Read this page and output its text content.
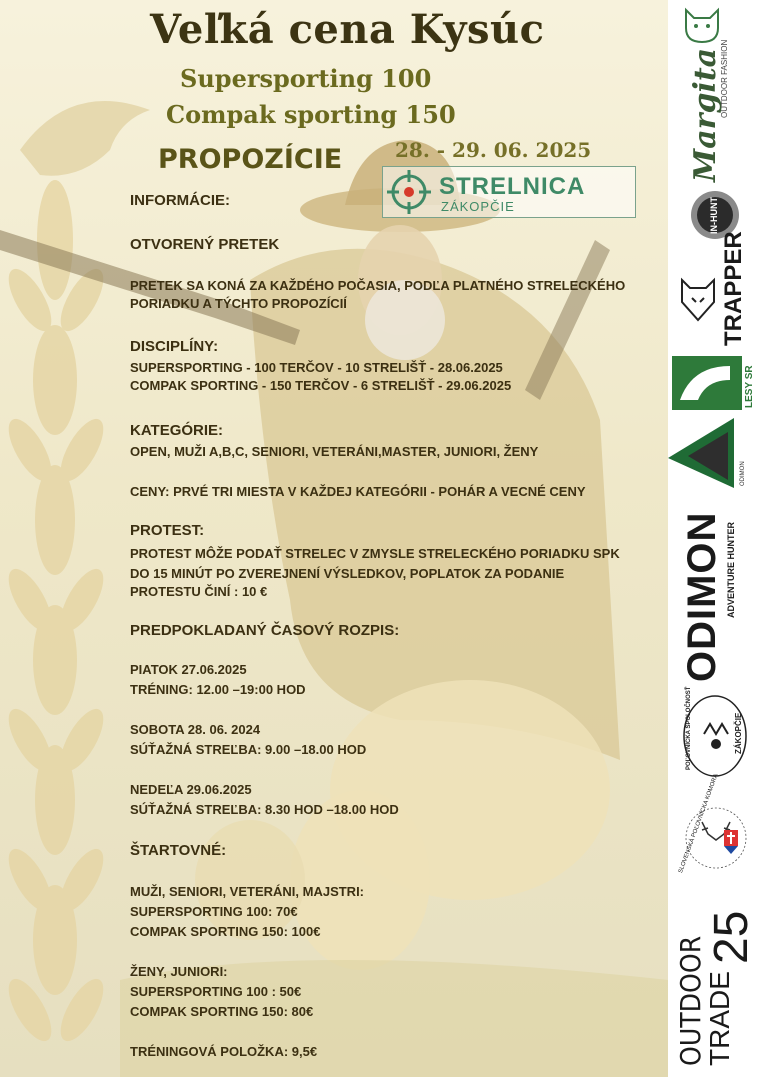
Veľká cena Kysúc
Supersporting 100
Compak sporting 150
PROPOZÍCIE	28. - 29. 06. 2025
STRELNICA
ZÁKOPČIE
INFORMÁCIE:
OTVORENÝ PRETEK
PRETEK SA KONÁ ZA KAŽDÉHO POČASIA, PODĽA PLATNÉHO STRELECKÉHO
PORIADKU A TÝCHTO PROPOZÍCIÍ
DISCIPLÍNY:
SUPERSPORTING - 100 TERČOV - 10 STRELIŠŤ - 28.06.2025
COMPAK SPORTING - 150 TERČOV - 6 STRELIŠŤ - 29.06.2025
KATEGÓRIE:
OPEN, MUŽI A,B,C, SENIORI, VETERÁNI,MASTER, JUNIORI, ŽENY
CENY: PRVÉ TRI MIESTA V KAŽDEJ KATEGÓRII - POHÁR A VECNÉ CENY
PROTEST:
PROTEST MÔŽE PODAŤ STRELEC V ZMYSLE STRELECKÉHO PORIADKU SPK
DO 15 MINÚT PO ZVEREJNENÍ VÝSLEDKOV, POPLATOK ZA PODANIE
PROTESTU ČINÍ : 10 €
PREDPOKLADANÝ ČASOVÝ ROZPIS:
PIATOK 27.06.2025
TRÉNING: 12.00 –19:00 HOD
SOBOTA 28. 06. 2024
SÚŤAŽNÁ STREĽBA: 9.00 –18.00 HOD
NEDEĽA 29.06.2025
SÚŤAŽNÁ STREĽBA: 8.30 HOD –18.00 HOD
ŠTARTOVNÉ:
MUŽI, SENIORI, VETERÁNI, MAJSTRI:
SUPERSPORTING 100: 70€
COMPAK SPORTING 150: 100€
ŽENY, JUNIORI:
SUPERSPORTING 100 : 50€
COMPAK SPORTING 150: 80€
TRÉNINGOVÁ POLOŽKA: 9,5€
Margita
OUTDOOR FASHION
IN-HUNT
TRAPPER
LESY SR
ODIMON
ODIMON ADVENTURE HUNTER
POĽOVNÍCKA SPOLOČNOSŤ	ZÁKOPČIE
SLOVENSKÁ POĽOVNÍCKA KOMORA
OUTDOOR
TRADE
25
